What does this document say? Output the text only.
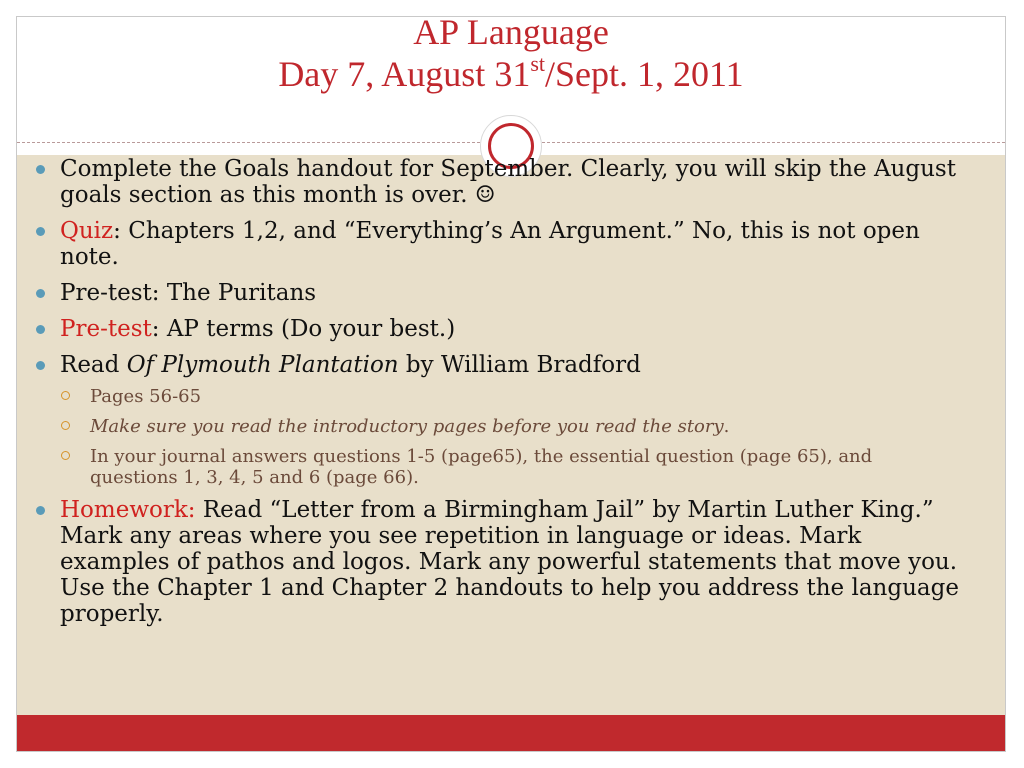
AP Language
Day 7, August 31st/Sept. 1, 2011
Complete the Goals handout for September. Clearly, you will skip the August goals section as this month is over. ☺
Quiz: Chapters 1,2, and “Everything’s An Argument.” No, this is not open note.
Pre-test: The Puritans
Pre-test: AP terms (Do your best.)
Read Of Plymouth Plantation by William Bradford
Pages 56-65
Make sure you read the introductory pages before you read the story.
In your journal answers questions 1-5 (page65), the essential question (page 65), and questions 1, 3, 4, 5 and 6 (page 66).
Homework: Read “Letter from a Birmingham Jail” by Martin Luther King.” Mark any areas where you see repetition in language or ideas. Mark examples of pathos and logos. Mark any powerful statements that move you. Use the Chapter 1 and Chapter 2 handouts to help you address the language properly.
